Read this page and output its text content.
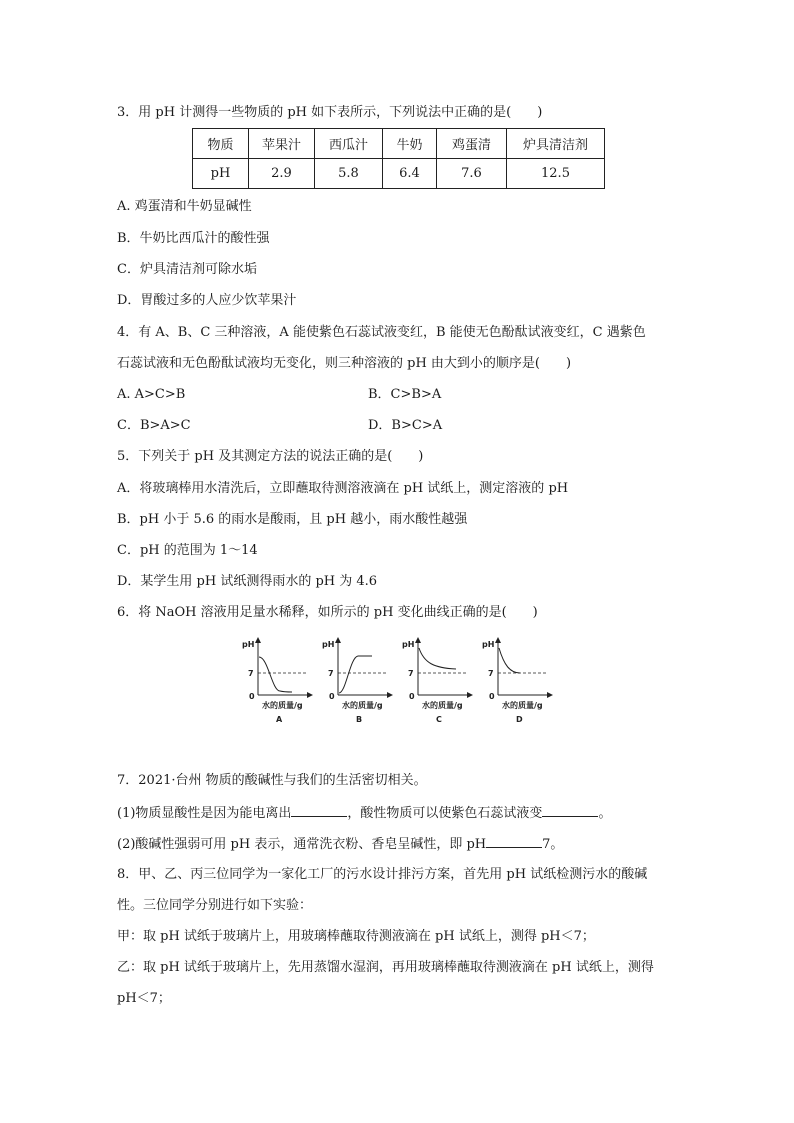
3．用 pH 计测得一些物质的 pH 如下表所示，下列说法中正确的是(　　)
物质	苹果汁	西瓜汁	牛奶	鸡蛋清	炉具清洁剂
pH	2.9	5.8	6.4	7.6	12.5
A. 鸡蛋清和牛奶显碱性
B．牛奶比西瓜汁的酸性强
C．炉具清洁剂可除水垢
D．胃酸过多的人应少饮苹果汁
4．有 A、B、C 三种溶液，A 能使紫色石蕊试液变红，B 能使无色酚酞试液变红，C 遇紫色
石蕊试液和无色酚酞试液均无变化，则三种溶液的 pH 由大到小的顺序是(　　)
A. A>C>B	B．C>B>A
C．B>A>C	D．B>C>A
5．下列关于 pH 及其测定方法的说法正确的是(　　)
A．将玻璃棒用水清洗后，立即蘸取待测溶液滴在 pH 试纸上，测定溶液的 pH
B．pH 小于 5.6 的雨水是酸雨，且 pH 越小，雨水酸性越强
C．pH 的范围为 1～14
D．某学生用 pH 试纸测得雨水的 pH 为 4.6
6．将 NaOH 溶液用足量水稀释，如所示的 pH 变化曲线正确的是(　　)
pH
7
0
水的质量/g
A
pH
7
0
水的质量/g
B
pH
7
0
水的质量/g
C
pH
7
0
水的质量/g
D
7．2021·台州 物质的酸碱性与我们的生活密切相关。
(1)物质显酸性是因为能电离出	，酸性物质可以使紫色石蕊试液变	。
(2)酸碱性强弱可用 pH 表示，通常洗衣粉、香皂呈碱性，即 pH	7。
8．甲、乙、丙三位同学为一家化工厂的污水设计排污方案，首先用 pH 试纸检测污水的酸碱
性。三位同学分别进行如下实验：
甲：取 pH 试纸于玻璃片上，用玻璃棒蘸取待测液滴在 pH 试纸上，测得 pH＜7；
乙：取 pH 试纸于玻璃片上，先用蒸馏水湿润，再用玻璃棒蘸取待测液滴在 pH 试纸上，测得
pH＜7；
